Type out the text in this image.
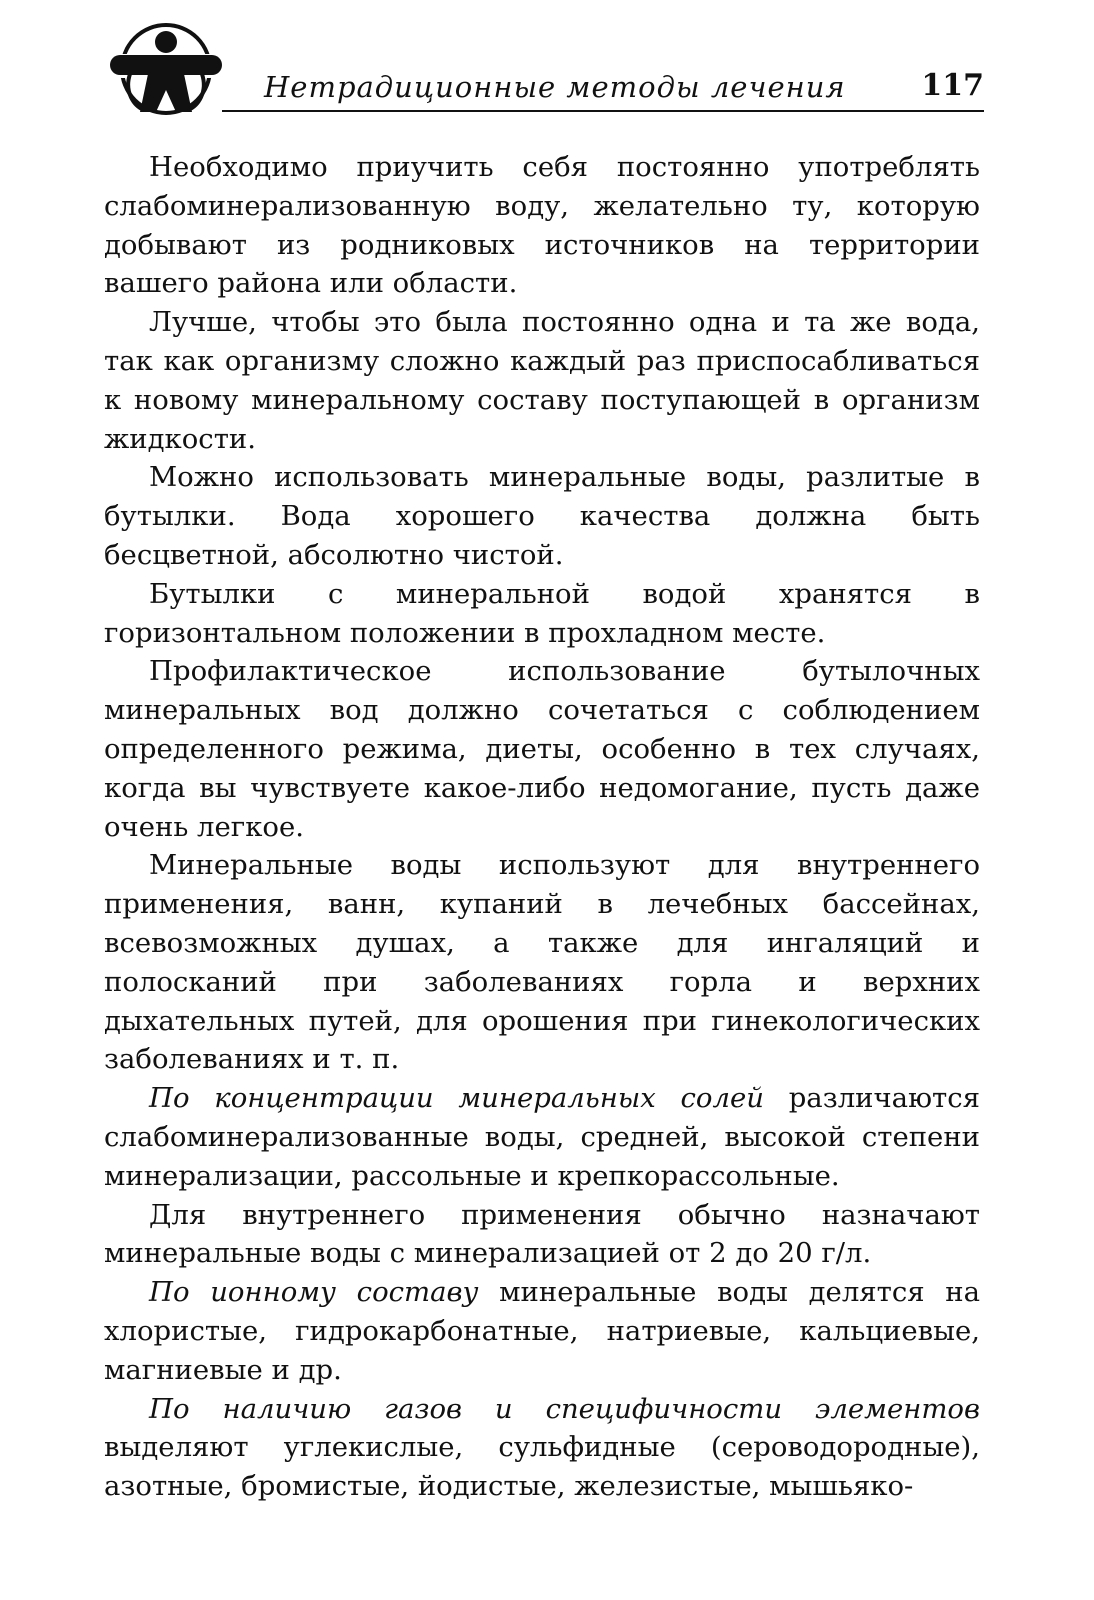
Нетрадиционные методы лечения	117

Необходимо приучить себя постоянно употреблять слабоминерализованную воду, желательно ту, которую добывают из родниковых источников на территории вашего района или области.

Лучше, чтобы это была постоянно одна и та же вода, так как организму сложно каждый раз приспосабливаться к новому минеральному составу поступающей в организм жидкости.

Можно использовать минеральные воды, разлитые в бутылки. Вода хорошего качества должна быть бесцветной, абсолютно чистой.

Бутылки с минеральной водой хранятся в горизонтальном положении в прохладном месте.

Профилактическое использование бутылочных минеральных вод должно сочетаться с соблюдением определенного режима, диеты, особенно в тех случаях, когда вы чувствуете какое-либо недомогание, пусть даже очень легкое.

Минеральные воды используют для внутреннего применения, ванн, купаний в лечебных бассейнах, всевозможных душах, а также для ингаляций и полосканий при заболеваниях горла и верхних дыхательных путей, для орошения при гинекологических заболеваниях и т. п.

По концентрации минеральных солей различаются слабоминерализованные воды, средней, высокой степени минерализации, рассольные и крепкорассольные.

Для внутреннего применения обычно назначают минеральные воды с минерализацией от 2 до 20 г/л.

По ионному составу минеральные воды делятся на хлористые, гидрокарбонатные, натриевые, кальциевые, магниевые и др.

По наличию газов и специфичности элементов выделяют углекислые, сульфидные (сероводородные), азотные, бромистые, йодистые, железистые, мышьяко-
